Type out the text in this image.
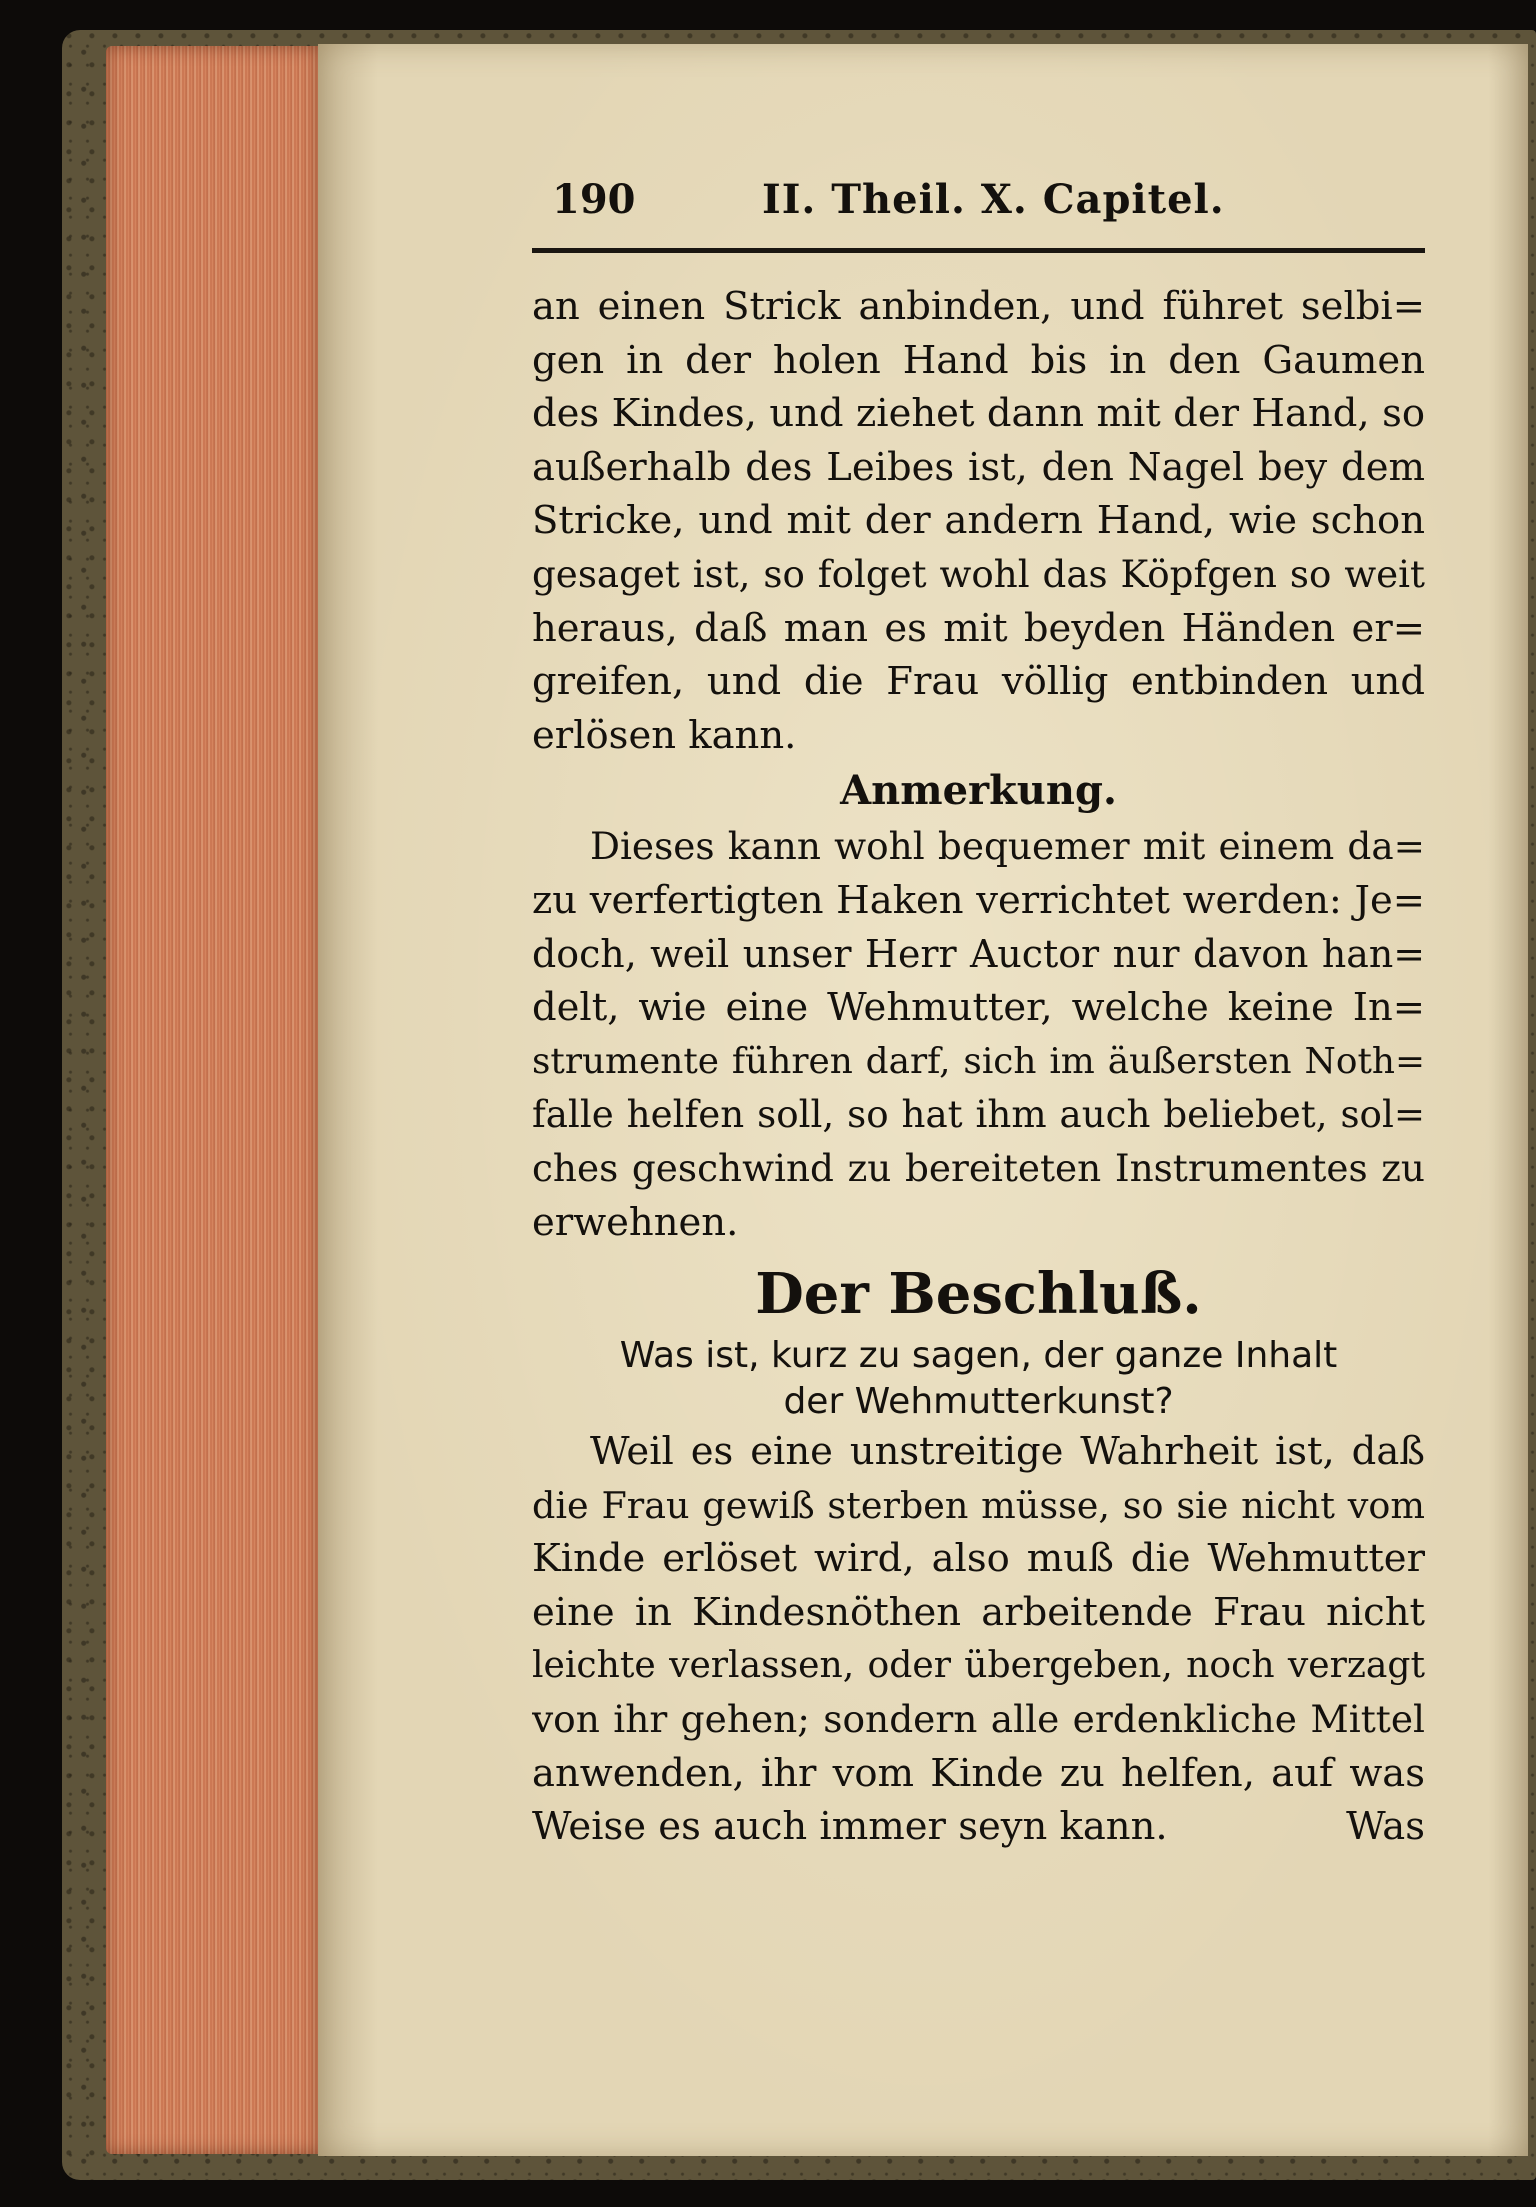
190	II. Theil. X. Capitel.
an einen Strick anbinden, und führet selbi=
gen in der holen Hand bis in den Gaumen
des Kindes, und ziehet dann mit der Hand, so
außerhalb des Leibes ist, den Nagel bey dem
Stricke, und mit der andern Hand, wie schon
gesaget ist, so folget wohl das Köpfgen so weit
heraus, daß man es mit beyden Händen er=
greifen, und die Frau völlig entbinden und
erlösen kann.
Anmerkung.
Dieses kann wohl bequemer mit einem da=
zu verfertigten Haken verrichtet werden: Je=
doch, weil unser Herr Auctor nur davon han=
delt, wie eine Wehmutter, welche keine In=
strumente führen darf, sich im äußersten Noth=
falle helfen soll, so hat ihm auch beliebet, sol=
ches geschwind zu bereiteten Instrumentes zu
erwehnen.
Der Beschluß.
Was ist, kurz zu sagen, der ganze Inhalt
der Wehmutterkunst?
Weil es eine unstreitige Wahrheit ist, daß
die Frau gewiß sterben müsse, so sie nicht vom
Kinde erlöset wird, also muß die Wehmutter
eine in Kindesnöthen arbeitende Frau nicht
leichte verlassen, oder übergeben, noch verzagt
von ihr gehen; sondern alle erdenkliche Mittel
anwenden, ihr vom Kinde zu helfen, auf was
Weise es auch immer seyn kann.	Was
